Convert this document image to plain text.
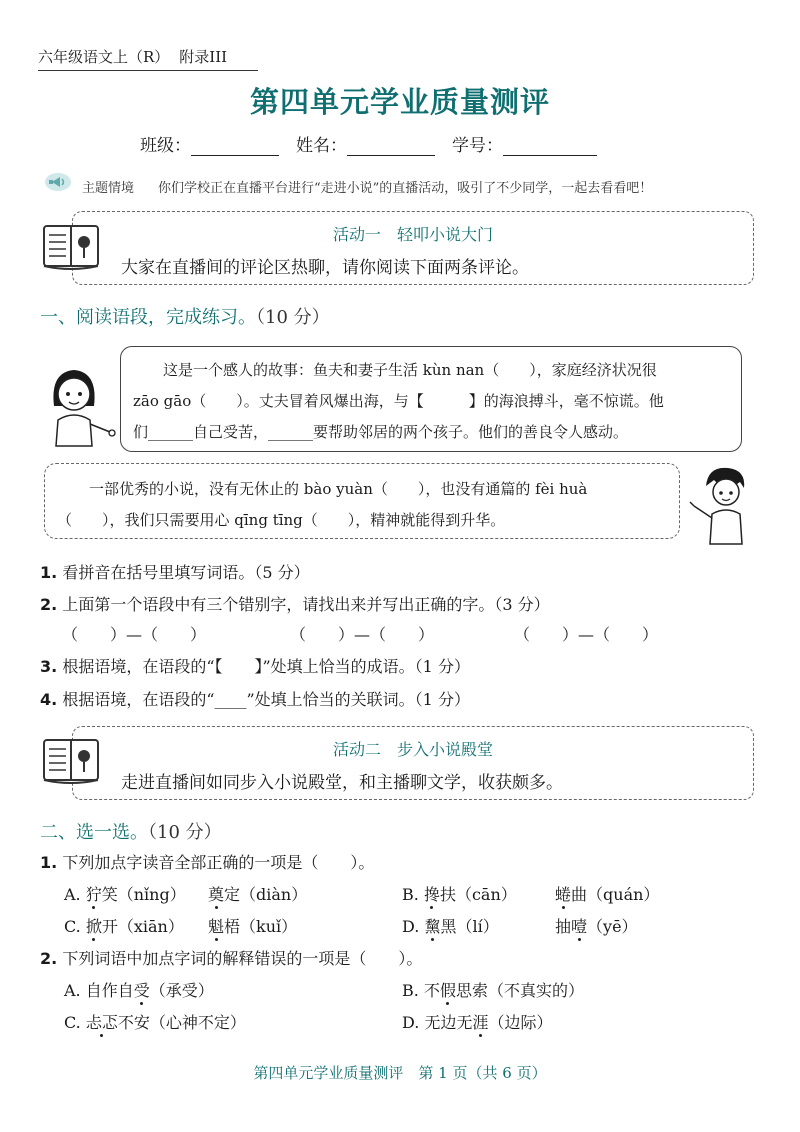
六年级语文上（R） 附录III
第四单元学业质量测评
班级：	姓名：	学号：
主题情境 你们学校正在直播平台进行“走进小说”的直播活动，吸引了不少同学，一起去看看吧！
活动一　轻叩小说大门
大家在直播间的评论区热聊，请你阅读下面两条评论。
一、阅读语段，完成练习。（10 分）
这是一个感人的故事：鱼夫和妻子生活 kùn nan（　　），家庭经济状况很
zāo gāo（　　）。丈夫冒着风爆出海，与【　　　】的海浪搏斗，毫不惊谎。他
们______自己受苦，______要帮助邻居的两个孩子。他们的善良令人感动。
一部优秀的小说，没有无休止的 bào yuàn（　　），也没有通篇的 fèi huà
（　　），我们只需要用心 qīng tīng（　　），精神就能得到升华。
1. 看拼音在括号里填写词语。（5 分）
2. 上面第一个语段中有三个错别字，请找出来并写出正确的字。（3 分）
（　　）—（　　）	（　　）—（　　）	（　　）—（　　）
3. 根据语境，在语段的“【　　】”处填上恰当的成语。（1 分）
4. 根据语境，在语段的“____”处填上恰当的关联词。（1 分）
活动二　步入小说殿堂
走进直播间如同步入小说殿堂，和主播聊文学，收获颇多。
二、选一选。（10 分）
1. 下列加点字读音全部正确的一项是（　　）。
A. 狞笑（nǐng） 奠定（diàn）	B. 搀扶（cān） 蜷曲（quán）
C. 掀开（xiān） 魁梧（kuǐ）	D. 黧黑（lí）	抽噎（yē）
2. 下列词语中加点字词的解释错误的一项是（　　）。
A. 自作自受（承受）	B. 不假思索（不真实的）
C. 忐忑不安（心神不定）	D. 无边无涯（边际）
第四单元学业质量测评　第 1 页（共 6 页）
